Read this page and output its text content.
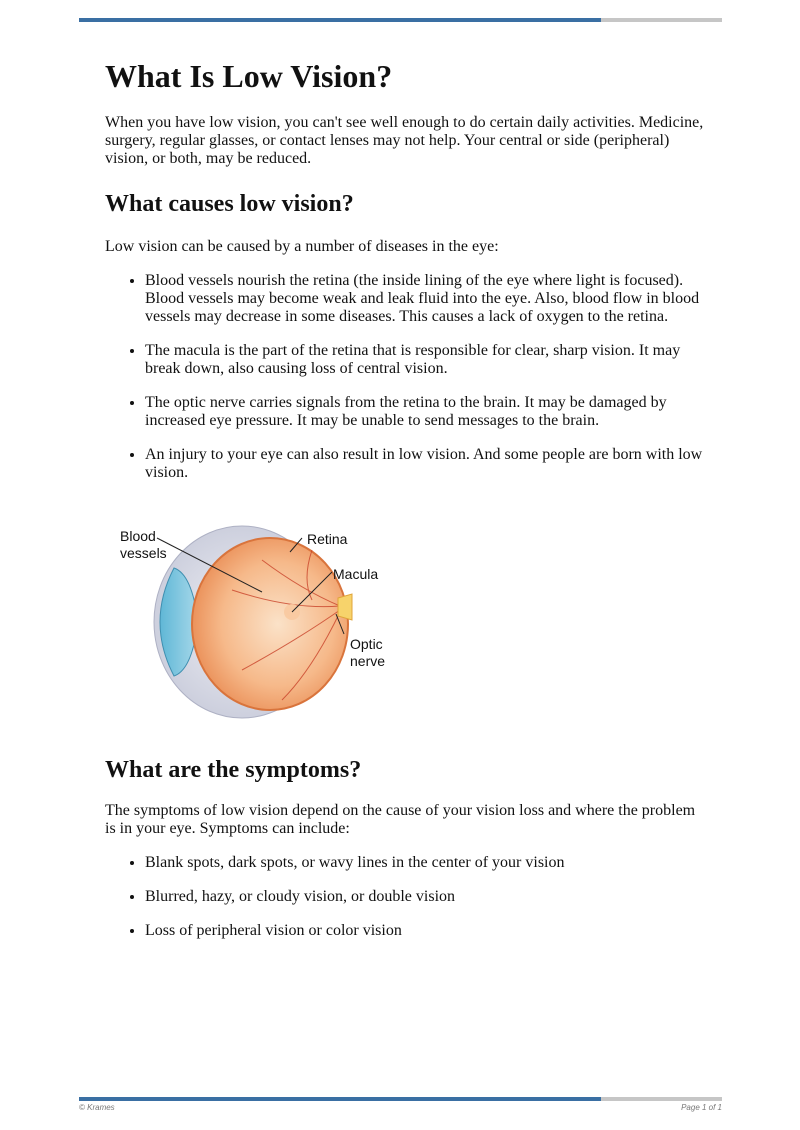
What Is Low Vision?

When you have low vision, you can't see well enough to do certain daily activities. Medicine, surgery, regular glasses, or contact lenses may not help. Your central or side (peripheral) vision, or both, may be reduced.

What causes low vision?

Low vision can be caused by a number of diseases in the eye:

• Blood vessels nourish the retina (the inside lining of the eye where light is focused). Blood vessels may become weak and leak fluid into the eye. Also, blood flow in blood vessels may decrease in some diseases. This causes a lack of oxygen to the retina.
• The macula is the part of the retina that is responsible for clear, sharp vision. It may break down, also causing loss of central vision.
• The optic nerve carries signals from the retina to the brain. It may be damaged by increased eye pressure. It may be unable to send messages to the brain.
• An injury to your eye can also result in low vision. And some people are born with low vision.
Blood
vessels
Retina
Macula
Optic
nerve
What are the symptoms?

The symptoms of low vision depend on the cause of your vision loss and where the problem is in your eye. Symptoms can include:

• Blank spots, dark spots, or wavy lines in the center of your vision
• Blurred, hazy, or cloudy vision, or double vision
• Loss of peripheral vision or color vision
© Krames	Page 1 of 1
